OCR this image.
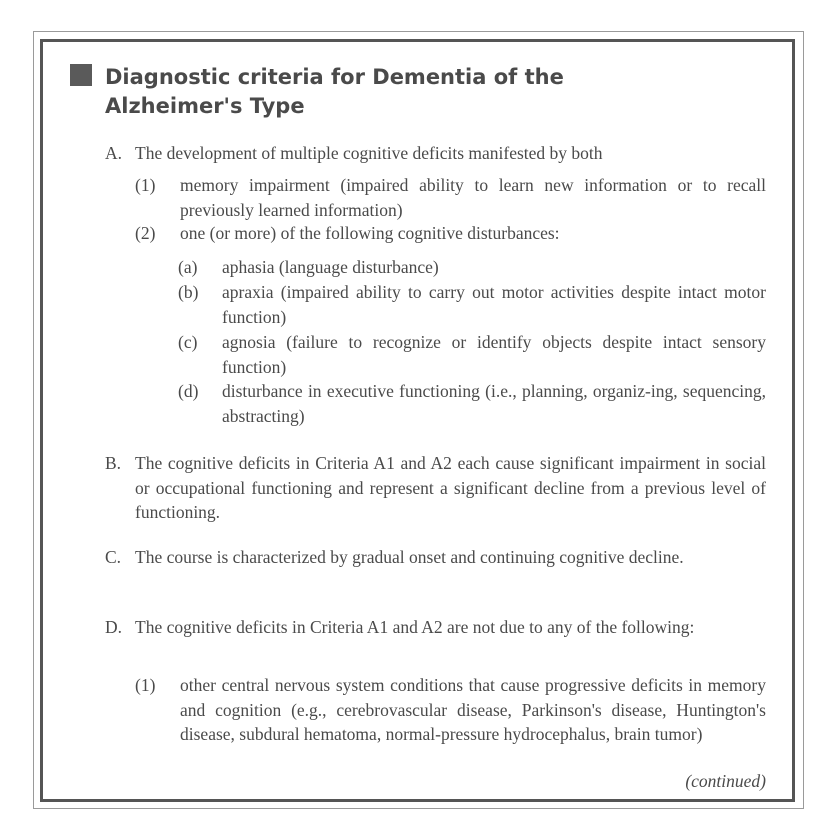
Diagnostic criteria for Dementia of the Alzheimer's Type
A. The development of multiple cognitive deficits manifested by both
(1) memory impairment (impaired ability to learn new information or to recall previously learned information)
(2) one (or more) of the following cognitive disturbances:
(a) aphasia (language disturbance)
(b) apraxia (impaired ability to carry out motor activities despite intact motor function)
(c) agnosia (failure to recognize or identify objects despite intact sensory function)
(d) disturbance in executive functioning (i.e., planning, organiz-ing, sequencing, abstracting)
B. The cognitive deficits in Criteria A1 and A2 each cause significant impairment in social or occupational functioning and represent a significant decline from a previous level of functioning.
C. The course is characterized by gradual onset and continuing cognitive decline.
D. The cognitive deficits in Criteria A1 and A2 are not due to any of the following:
(1) other central nervous system conditions that cause progressive deficits in memory and cognition (e.g., cerebrovascular disease, Parkinson's disease, Huntington's disease, subdural hematoma, normal-pressure hydrocephalus, brain tumor)
(continued)
